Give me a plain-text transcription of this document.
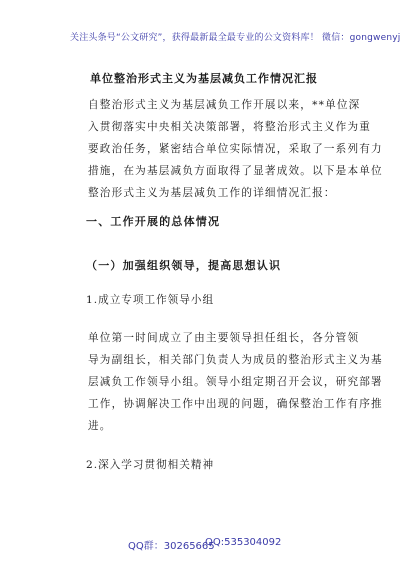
关注头条号“公文研究”，获得最新最全最专业的公文资料库！ 微信：gongwenyj
单位整治形式主义为基层减负工作情况汇报
自整治形式主义为基层减负工作开展以来，**单位深
入贯彻落实中央相关决策部署，将整治形式主义作为重
要政治任务，紧密结合单位实际情况，采取了一系列有力
措施，在为基层减负方面取得了显著成效。以下是本单位
整治形式主义为基层减负工作的详细情况汇报：
一、工作开展的总体情况
（一）加强组织领导，提高思想认识
1.成立专项工作领导小组
单位第一时间成立了由主要领导担任组长，各分管领
导为副组长，相关部门负责人为成员的整治形式主义为基
层减负工作领导小组。领导小组定期召开会议，研究部署
工作，协调解决工作中出现的问题，确保整治工作有序推
进。
2.深入学习贯彻相关精神
QQ群：30265665
QQ:535304092
